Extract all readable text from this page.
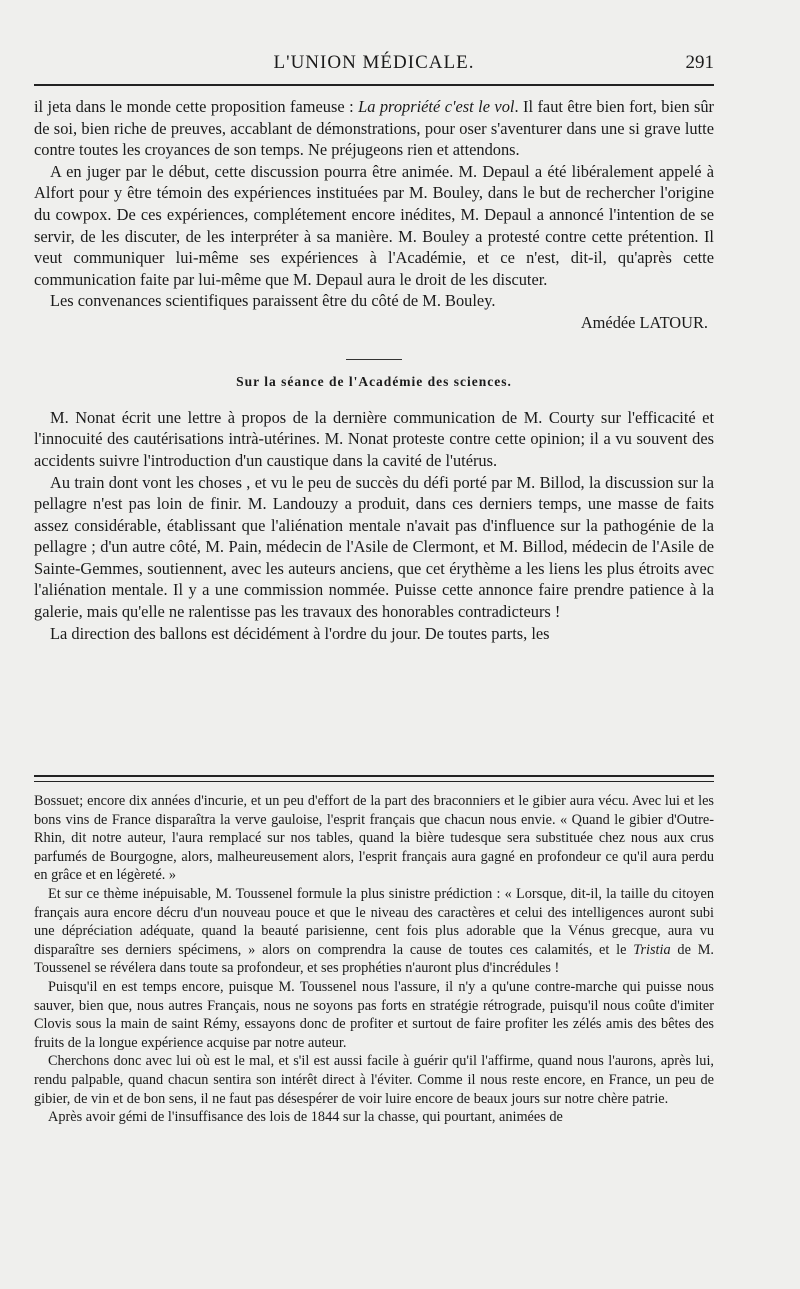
L'UNION MÉDICALE.	291

il jeta dans le monde cette proposition fameuse : La propriété c'est le vol. Il faut être bien fort, bien sûr de soi, bien riche de preuves, accablant de démonstrations, pour oser s'aventurer dans une si grave lutte contre toutes les croyances de son temps. Ne préjugeons rien et attendons.

A en juger par le début, cette discussion pourra être animée. M. Depaul a été libéralement appelé à Alfort pour y être témoin des expériences instituées par M. Bouley, dans le but de rechercher l'origine du cowpox. De ces expériences, complétement encore inédites, M. Depaul a annoncé l'intention de se servir, de les discuter, de les interpréter à sa manière. M. Bouley a protesté contre cette prétention. Il veut communiquer lui-même ses expériences à l'Académie, et ce n'est, dit-il, qu'après cette communication faite par lui-même que M. Depaul aura le droit de les discuter.

Les convenances scientifiques paraissent être du côté de M. Bouley.

Amédée LATOUR.
Sur la séance de l'Académie des sciences.

M. Nonat écrit une lettre à propos de la dernière communication de M. Courty sur l'efficacité et l'innocuité des cautérisations intrà-utérines. M. Nonat proteste contre cette opinion; il a vu souvent des accidents suivre l'introduction d'un caustique dans la cavité de l'utérus.

Au train dont vont les choses , et vu le peu de succès du défi porté par M. Billod, la discussion sur la pellagre n'est pas loin de finir. M. Landouzy a produit, dans ces derniers temps, une masse de faits assez considérable, établissant que l'aliénation mentale n'avait pas d'influence sur la pathogénie de la pellagre ; d'un autre côté, M. Pain, médecin de l'Asile de Clermont, et M. Billod, médecin de l'Asile de Sainte-Gemmes, soutiennent, avec les auteurs anciens, que cet érythème a les liens les plus étroits avec l'aliénation mentale. Il y a une commission nommée. Puisse cette annonce faire prendre patience à la galerie, mais qu'elle ne ralentisse pas les travaux des honorables contradicteurs !

La direction des ballons est décidément à l'ordre du jour. De toutes parts, les

Bossuet; encore dix années d'incurie, et un peu d'effort de la part des braconniers et le gibier aura vécu. Avec lui et les bons vins de France disparaîtra la verve gauloise, l'esprit français que chacun nous envie. « Quand le gibier d'Outre-Rhin, dit notre auteur, l'aura remplacé sur nos tables, quand la bière tudesque sera substituée chez nous aux crus parfumés de Bourgogne, alors, malheureusement alors, l'esprit français aura gagné en profondeur ce qu'il aura perdu en grâce et en légèreté. »

Et sur ce thème inépuisable, M. Toussenel formule la plus sinistre prédiction : « Lorsque, dit-il, la taille du citoyen français aura encore décru d'un nouveau pouce et que le niveau des caractères et celui des intelligences auront subi une dépréciation adéquate, quand la beauté parisienne, cent fois plus adorable que la Vénus grecque, aura vu disparaître ses derniers spécimens, » alors on comprendra la cause de toutes ces calamités, et le Tristia de M. Toussenel se révélera dans toute sa profondeur, et ses prophéties n'auront plus d'incrédules !

Puisqu'il en est temps encore, puisque M. Toussenel nous l'assure, il n'y a qu'une contre-marche qui puisse nous sauver, bien que, nous autres Français, nous ne soyons pas forts en stratégie rétrograde, puisqu'il nous coûte d'imiter Clovis sous la main de saint Rémy, essayons donc de profiter et surtout de faire profiter les zélés amis des bêtes des fruits de la longue expérience acquise par notre auteur.

Cherchons donc avec lui où est le mal, et s'il est aussi facile à guérir qu'il l'affirme, quand nous l'aurons, après lui, rendu palpable, quand chacun sentira son intérêt direct à l'éviter. Comme il nous reste encore, en France, un peu de gibier, de vin et de bon sens, il ne faut pas désespérer de voir luire encore de beaux jours sur notre chère patrie.

Après avoir gémi de l'insuffisance des lois de 1844 sur la chasse, qui pourtant, animées de
